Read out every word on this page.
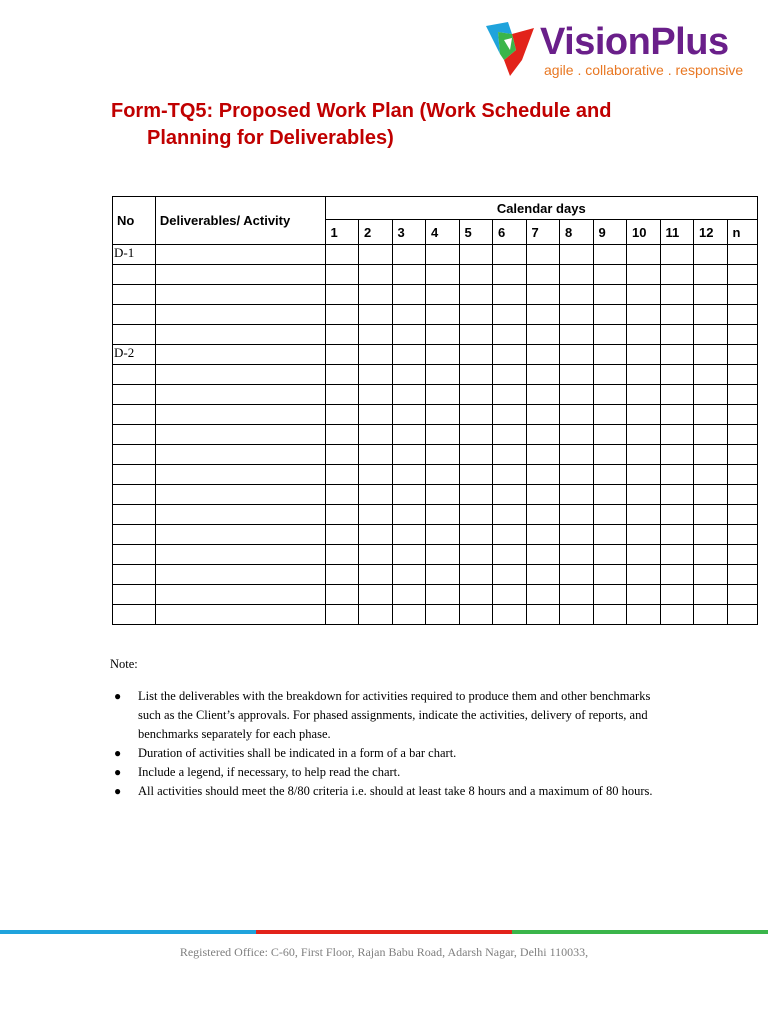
VisionPlus
agile . collaborative . responsive
Form-TQ5: Proposed Work Plan (Work Schedule and
Planning for Deliverables)
No	Deliverables/ Activity	Calendar days												
		1	2	3	4	5	6	7	8	9	10	11	12	n
D-1														

D-2														

Note:

● List the deliverables with the breakdown for activities required to produce them and other benchmarks such as the Client’s approvals. For phased assignments, indicate the activities, delivery of reports, and benchmarks separately for each phase.
● Duration of activities shall be indicated in a form of a bar chart.
● Include a legend, if necessary, to help read the chart.
● All activities should meet the 8/80 criteria i.e. should at least take 8 hours and a maximum of 80 hours.
Registered Office: C-60, First Floor, Rajan Babu Road, Adarsh Nagar, Delhi 110033,
